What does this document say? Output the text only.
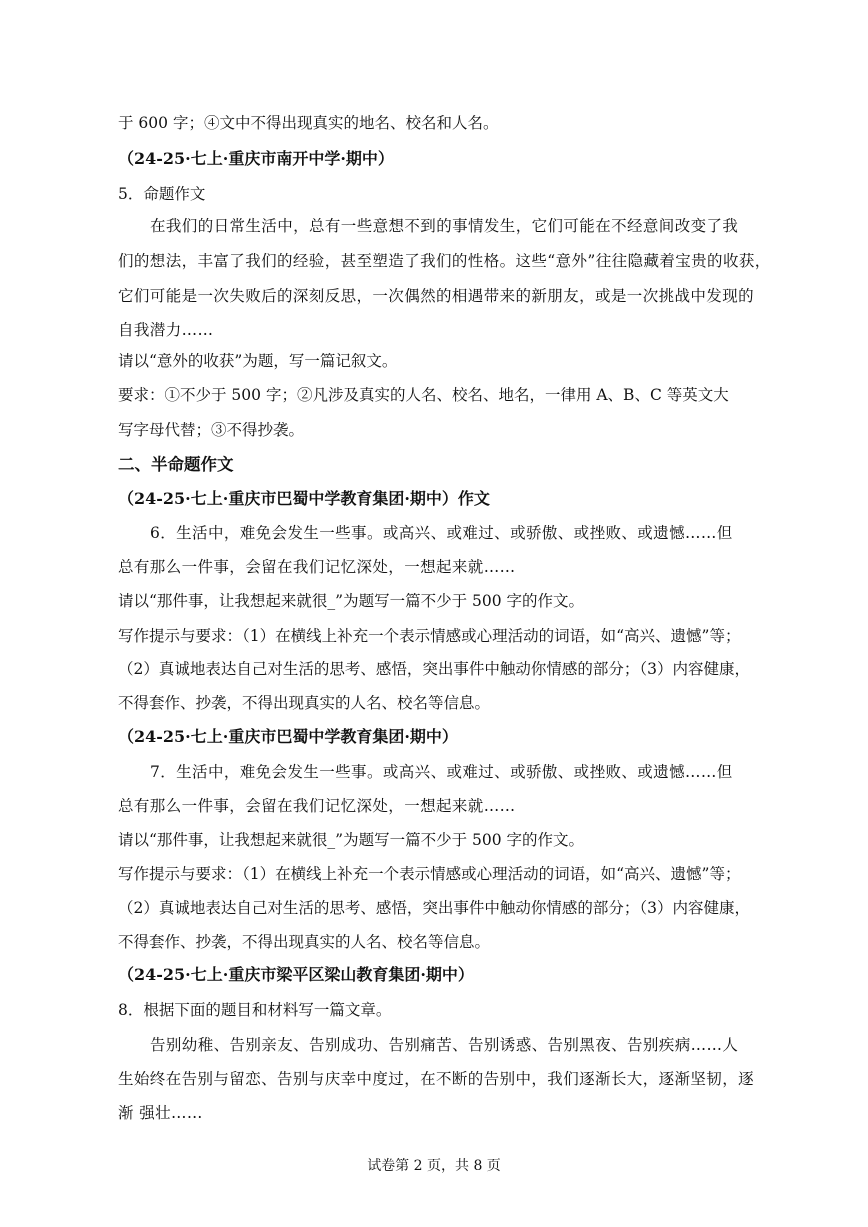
于 600 字；④文中不得出现真实的地名、校名和人名。
（24-25·七上·重庆市南开中学·期中）
5．命题作文
在我们的日常生活中，总有一些意想不到的事情发生，它们可能在不经意间改变了我
们的想法，丰富了我们的经验，甚至塑造了我们的性格。这些“意外”往往隐藏着宝贵的收获，
它们可能是一次失败后的深刻反思，一次偶然的相遇带来的新朋友，或是一次挑战中发现的
自我潜力……
请以“意外的收获”为题，写一篇记叙文。
要求：①不少于 500 字；②凡涉及真实的人名、校名、地名，一律用 A、B、C 等英文大
写字母代替；③不得抄袭。
二、半命题作文
（24-25·七上·重庆市巴蜀中学教育集团·期中）作文
6．生活中，难免会发生一些事。或高兴、或难过、或骄傲、或挫败、或遗憾……但
总有那么一件事，会留在我们记忆深处，一想起来就……
请以“那件事，让我想起来就很_”为题写一篇不少于 500 字的作文。
写作提示与要求：（1）在横线上补充一个表示情感或心理活动的词语，如“高兴、遗憾”等；
（2）真诚地表达自己对生活的思考、感悟，突出事件中触动你情感的部分；（3）内容健康，
不得套作、抄袭，不得出现真实的人名、校名等信息。
（24-25·七上·重庆市巴蜀中学教育集团·期中）
7．生活中，难免会发生一些事。或高兴、或难过、或骄傲、或挫败、或遗憾……但
总有那么一件事，会留在我们记忆深处，一想起来就……
请以“那件事，让我想起来就很_”为题写一篇不少于 500 字的作文。
写作提示与要求：（1）在横线上补充一个表示情感或心理活动的词语，如“高兴、遗憾”等；
（2）真诚地表达自己对生活的思考、感悟，突出事件中触动你情感的部分；（3）内容健康，
不得套作、抄袭，不得出现真实的人名、校名等信息。
（24-25·七上·重庆市梁平区梁山教育集团·期中）
8．根据下面的题目和材料写一篇文章。
告别幼稚、告别亲友、告别成功、告别痛苦、告别诱惑、告别黑夜、告别疾病……人
生始终在告别与留恋、告别与庆幸中度过，在不断的告别中，我们逐渐长大，逐渐坚韧，逐
渐 强壮……
试卷第 2 页，共 8 页
